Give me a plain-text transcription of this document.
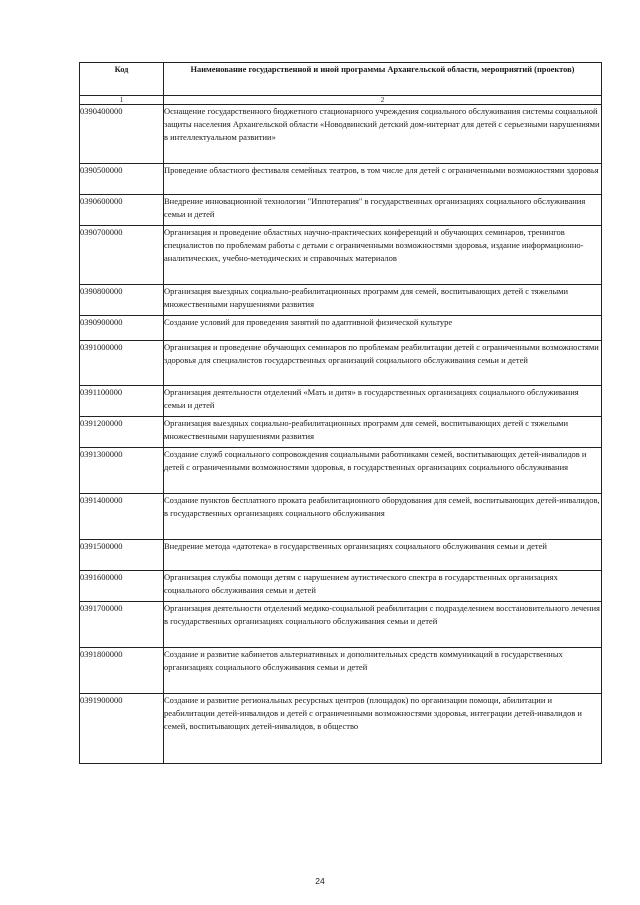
Код	Наименование государственной и иной программы Архангельской области, мероприятий (проектов)
1	2
0390400000	Оснащение государственного бюджетного стационарного учреждения социального обслуживания системы социальной защиты населения Архангельской области «Новодвинский детский дом-интернат для детей с серьезными нарушениями в интеллектуальном развитии»
0390500000	Проведение областного фестиваля семейных театров, в том числе для детей с ограниченными возможностями здоровья
0390600000	Внедрение инновационной технологии "Иппотерапия" в государственных организациях социального обслуживания семьи и детей
0390700000	Организация и проведение областных научно-практических конференций и обучающих семинаров, тренингов специалистов по проблемам работы с детьми с ограниченными возможностями здоровья, издание информационно-аналитических, учебно-методических и справочных материалов
0390800000	Организация выездных социально-реабилитационных программ для семей, воспитывающих детей с тяжелыми множественными нарушениями развития
0390900000	Создание условий для проведения занятий по адаптивной физической культуре
0391000000	Организация и проведение обучающих семинаров по проблемам реабилитации детей с ограниченными возможностями здоровья для специалистов государственных организаций социального обслуживания семьи и детей
0391100000	Организация деятельности отделений «Мать и дитя» в государственных организациях социального обслуживания семьи и детей
0391200000	Организация выездных социально-реабилитационных программ для семей, воспитывающих детей с тяжелыми множественными нарушениями развития
0391300000	Создание служб социального сопровождения социальными работниками семей, воспитывающих детей-инвалидов и детей с ограниченными возможностями здоровья, в государственных организациях социального обслуживания
0391400000	Создание пунктов бесплатного проката реабилитационного оборудования для семей, воспитывающих детей-инвалидов, в государственных организациях социального обслуживания
0391500000	Внедрение метода «датотека» в государственных организациях социального обслуживания семьи и детей
0391600000	Организация службы помощи детям с нарушением аутистического спектра в государственных организациях социального обслуживания семьи и детей
0391700000	Организация деятельности отделений медико-социальной реабилитации с подразделением восстановительного лечения в государственных организациях социального обслуживания семьи и детей
0391800000	Создание и развитие кабинетов альтернативных и дополнительных средств коммуникаций в государственных организациях социального обслуживания семьи и детей
0391900000	Создание и развитие региональных ресурсных центров (площадок) по организации помощи, абилитации и реабилитации детей-инвалидов и детей с ограниченными возможностями здоровья, интеграции детей-инвалидов и семей, воспитывающих детей-инвалидов, в общество
24
